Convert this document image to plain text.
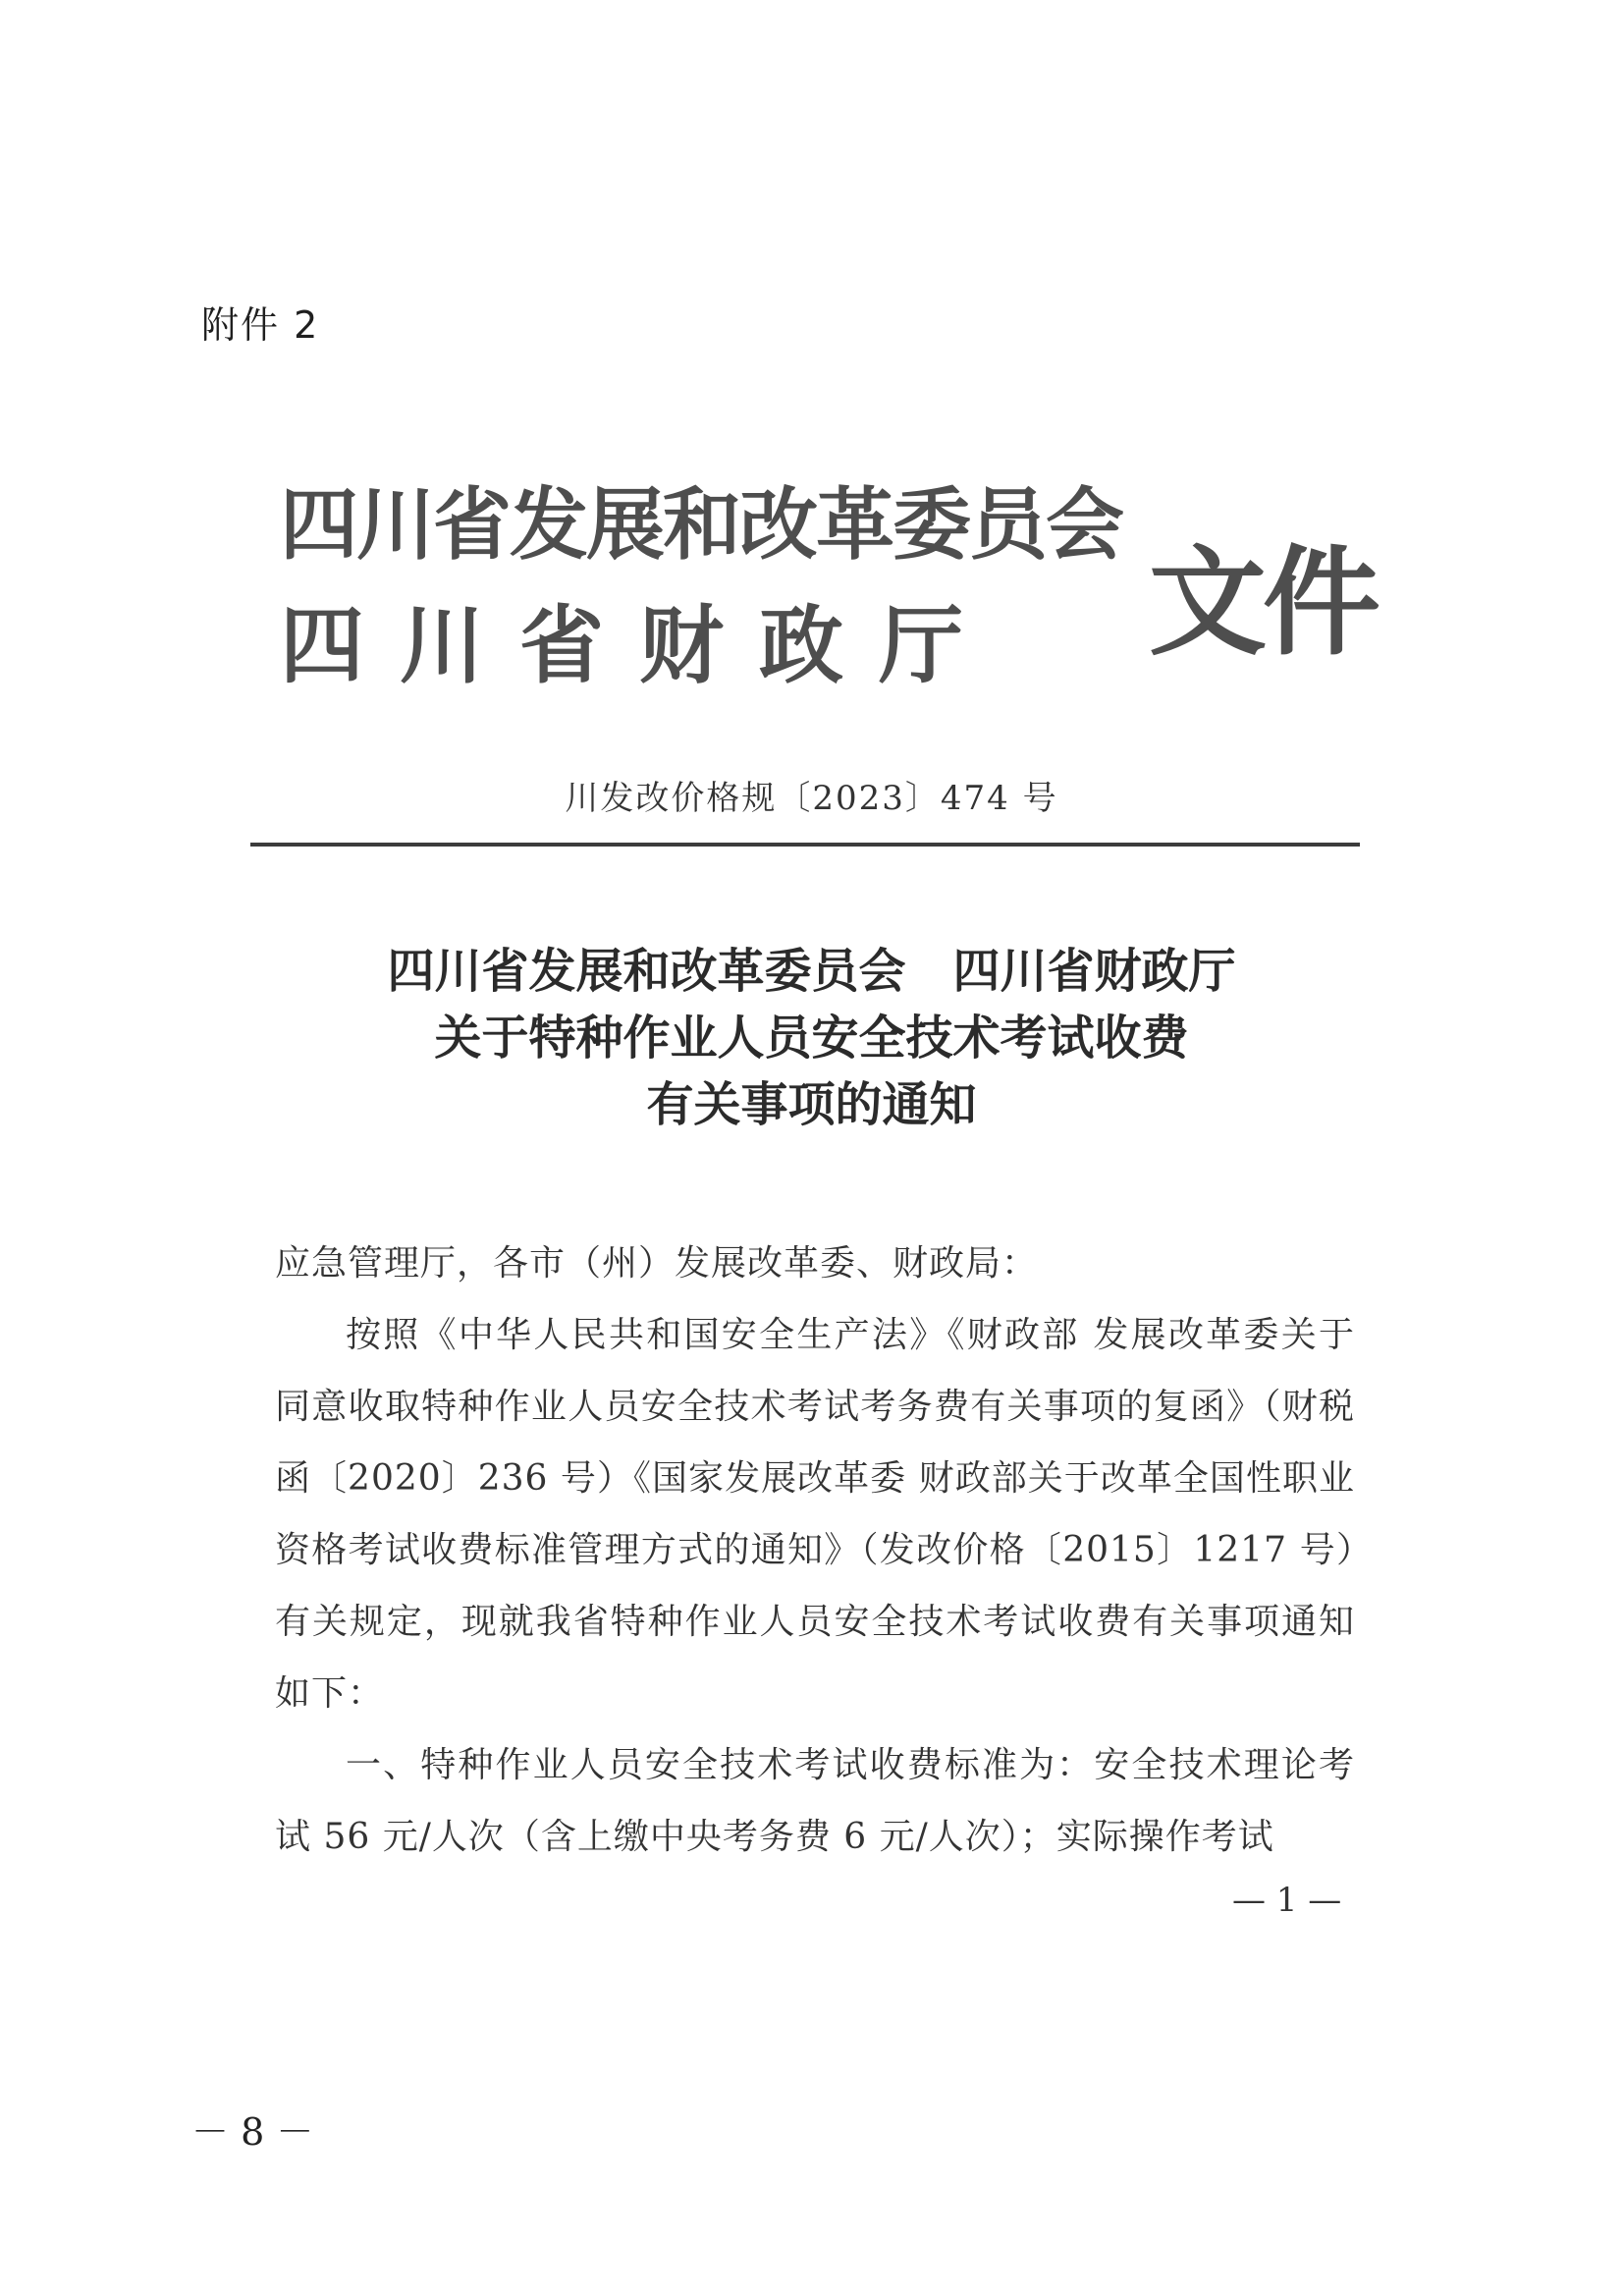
附件 2
四川省发展和改革委员会
四川省财政厅 文件
川发改价格规〔2023〕474 号
四川省发展和改革委员会　四川省财政厅
关于特种作业人员安全技术考试收费
有关事项的通知

应急管理厅，各市（州）发展改革委、财政局：

按照《中华人民共和国安全生产法》《财政部 发展改革委关于同意收取特种作业人员安全技术考试考务费有关事项的复函》（财税函〔2020〕236 号）《国家发展改革委 财政部关于改革全国性职业资格考试收费标准管理方式的通知》（发改价格〔2015〕1217 号）有关规定，现就我省特种作业人员安全技术考试收费有关事项通知如下：

一、特种作业人员安全技术考试收费标准为：安全技术理论考试 56 元/人次（含上缴中央考务费 6 元/人次）；实际操作考试

— 1 —
－ 8 －
